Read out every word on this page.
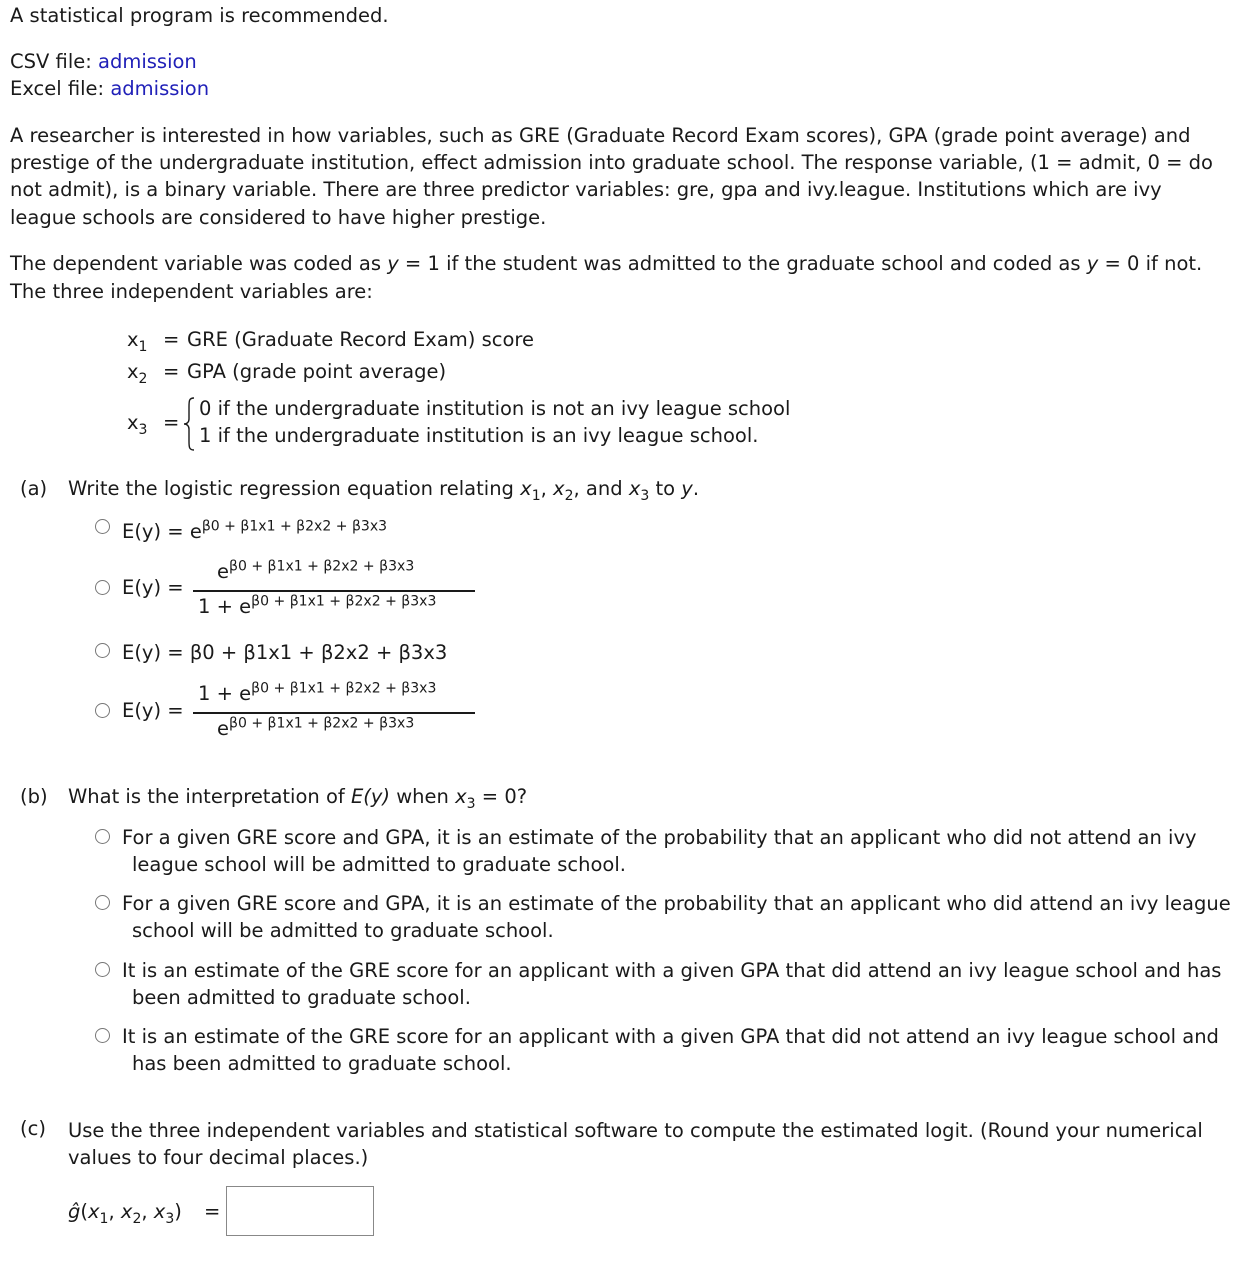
A statistical program is recommended.
CSV file: admission
Excel file: admission
A researcher is interested in how variables, such as GRE (Graduate Record Exam scores), GPA (grade point average) and
prestige of the undergraduate institution, effect admission into graduate school. The response variable, (1 = admit, 0 = do
not admit), is a binary variable. There are three predictor variables: gre, gpa and ivy.league. Institutions which are ivy
league schools are considered to have higher prestige.
The dependent variable was coded as y = 1 if the student was admitted to the graduate school and coded as y = 0 if not.
The three independent variables are:
$x_1$ = GRE (Graduate Record Exam) score
$x_2$ = GPA (grade point average)
$x_3$ =
0 if the undergraduate institution is not an ivy league school
1 if the undergraduate institution is an ivy league school.
(a) Write the logistic regression equation relating $x_1$, $x_2$, and $x_3$ to y.
$E(y) = e^{\beta 0 + \beta 1x1 + \beta 2x2 + \beta 3x3}$
E(y) =
$e^{\beta 0 + \beta 1x1 + \beta 2x2 + \beta 3x3}$
$1 + e^{\beta 0 + \beta 1x1 + \beta 2x2 + \beta 3x3}$
E(y) = β0 + β1x1 + β2x2 + β3x3
E(y) =
$1 + e^{\beta 0 + \beta 1x1 + \beta 2x2 + \beta 3x3}$
$e^{\beta 0 + \beta 1x1 + \beta 2x2 + \beta 3x3}$
(b) What is the interpretation of E(y) when $x_3 = 0$?
For a given GRE score and GPA, it is an estimate of the probability that an applicant who did not attend an ivy
league school will be admitted to graduate school.
For a given GRE score and GPA, it is an estimate of the probability that an applicant who did attend an ivy league
school will be admitted to graduate school.
It is an estimate of the GRE score for an applicant with a given GPA that did attend an ivy league school and has
been admitted to graduate school.
It is an estimate of the GRE score for an applicant with a given GPA that did not attend an ivy league school and
has been admitted to graduate school.
(c) Use the three independent variables and statistical software to compute the estimated logit. (Round your numerical
values to four decimal places.)
$ĝ(x_1$, $x_2$, $x_3$) =
